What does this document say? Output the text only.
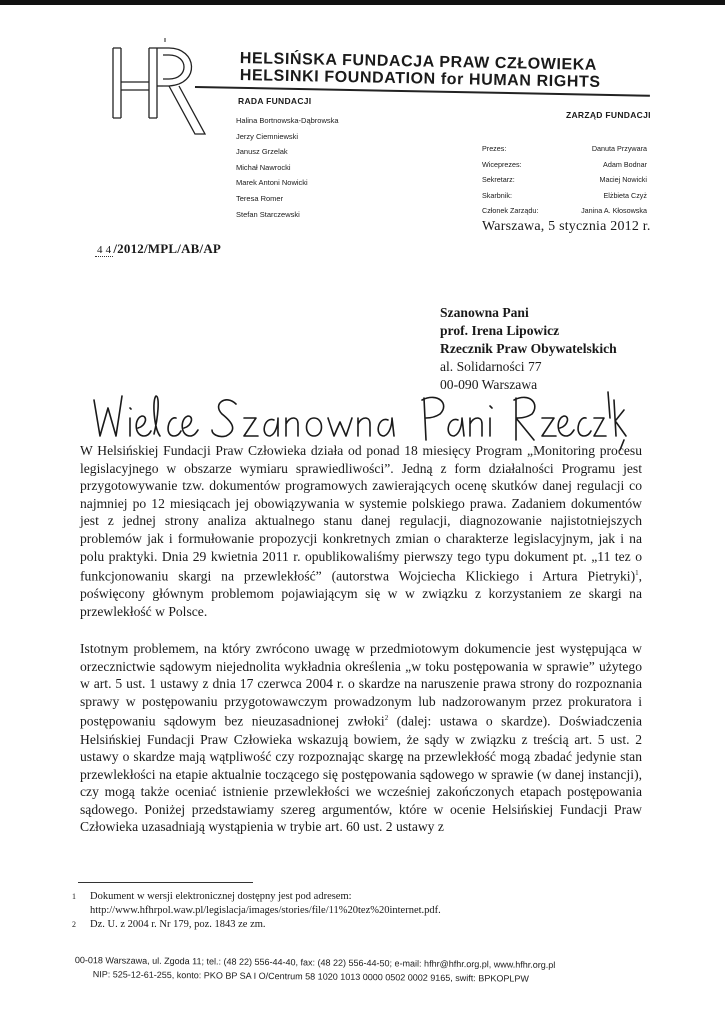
HELSIŃSKA FUNDACJA PRAW CZŁOWIEKA
HELSINKI FOUNDATION for HUMAN RIGHTS
RADA FUNDACJI
Halina Bortnowska-Dąbrowska
Jerzy Ciemniewski
Janusz Grzelak
Michał Nawrocki
Marek Antoni Nowicki
Teresa Romer
Stefan Starczewski
ZARZĄD FUNDACJI
Prezes:	Danuta Przywara
Wiceprezes:	Adam Bodnar
Sekretarz:	Maciej Nowicki
Skarbnik:	Elżbieta Czyż
Członek Zarządu:	Janina A. Kłosowska
Warszawa, 5 stycznia 2012 r.
4 4 /2012/MPL/AB/AP
Szanowna Pani
prof. Irena Lipowicz
Rzecznik Praw Obywatelskich
al. Solidarności 77
00-090 Warszawa
Wielce Szanowna Pani Rzecznik,
W Helsińskiej Fundacji Praw Człowieka działa od ponad 18 miesięcy Program „Monitoring procesu legislacyjnego w obszarze wymiaru sprawiedliwości”. Jedną z form działalności Programu jest przygotowywanie tzw. dokumentów programowych zawierających ocenę skutków danej regulacji co najmniej po 12 miesiącach jej obowiązywania w systemie polskiego prawa. Zadaniem dokumentów jest z jednej strony analiza aktualnego stanu danej regulacji, diagnozowanie najistotniejszych problemów jak i formułowanie propozycji konkretnych zmian o charakterze legislacyjnym, jak i na polu praktyki. Dnia 29 kwietnia 2011 r. opublikowaliśmy pierwszy tego typu dokument pt. „11 tez o funkcjonowaniu skargi na przewlekłość” (autorstwa Wojciecha Klickiego i Artura Pietryki)$^1$, poświęcony głównym problemom pojawiającym się w w związku z korzystaniem ze skargi na przewlekłość w Polsce.
Istotnym problemem, na który zwrócono uwagę w przedmiotowym dokumencie jest występująca w orzecznictwie sądowym niejednolita wykładnia określenia „w toku postępowania w sprawie” użytego w art. 5 ust. 1 ustawy z dnia 17 czerwca 2004 r. o skardze na naruszenie prawa strony do rozpoznania sprawy w postępowaniu przygotowawczym prowadzonym lub nadzorowanym przez prokuratora i postępowaniu sądowym bez nieuzasadnionej zwłoki$^2$ (dalej: ustawa o skardze). Doświadczenia Helsińskiej Fundacji Praw Człowieka wskazują bowiem, że sądy w związku z treścią art. 5 ust. 2 ustawy o skardze mają wątpliwość czy rozpoznając skargę na przewlekłość mogą zbadać jedynie stan przewlekłości na etapie aktualnie toczącego się postępowania sądowego w sprawie (w danej instancji), czy mogą także oceniać istnienie przewlekłości we wcześniej zakończonych etapach postępowania sądowego. Poniżej przedstawiamy szereg argumentów, które w ocenie Helsińskiej Fundacji Praw Człowieka uzasadniają wystąpienia w trybie art. 60 ust. 2 ustawy z
1	Dokument w wersji elektronicznej dostępny jest pod adresem:
http://www.hfhrpol.waw.pl/legislacja/images/stories/file/11%20tez%20internet.pdf.
2	Dz. U. z 2004 r. Nr 179, poz. 1843 ze zm.
00-018 Warszawa, ul. Zgoda 11; tel.: (48 22) 556-44-40, fax: (48 22) 556-44-50; e-mail: hfhr@hfhr.org.pl, www.hfhr.org.pl
NIP: 525-12-61-255, konto: PKO BP SA I O/Centrum 58 1020 1013 0000 0502 0002 9165, swift: BPKOPLPW
